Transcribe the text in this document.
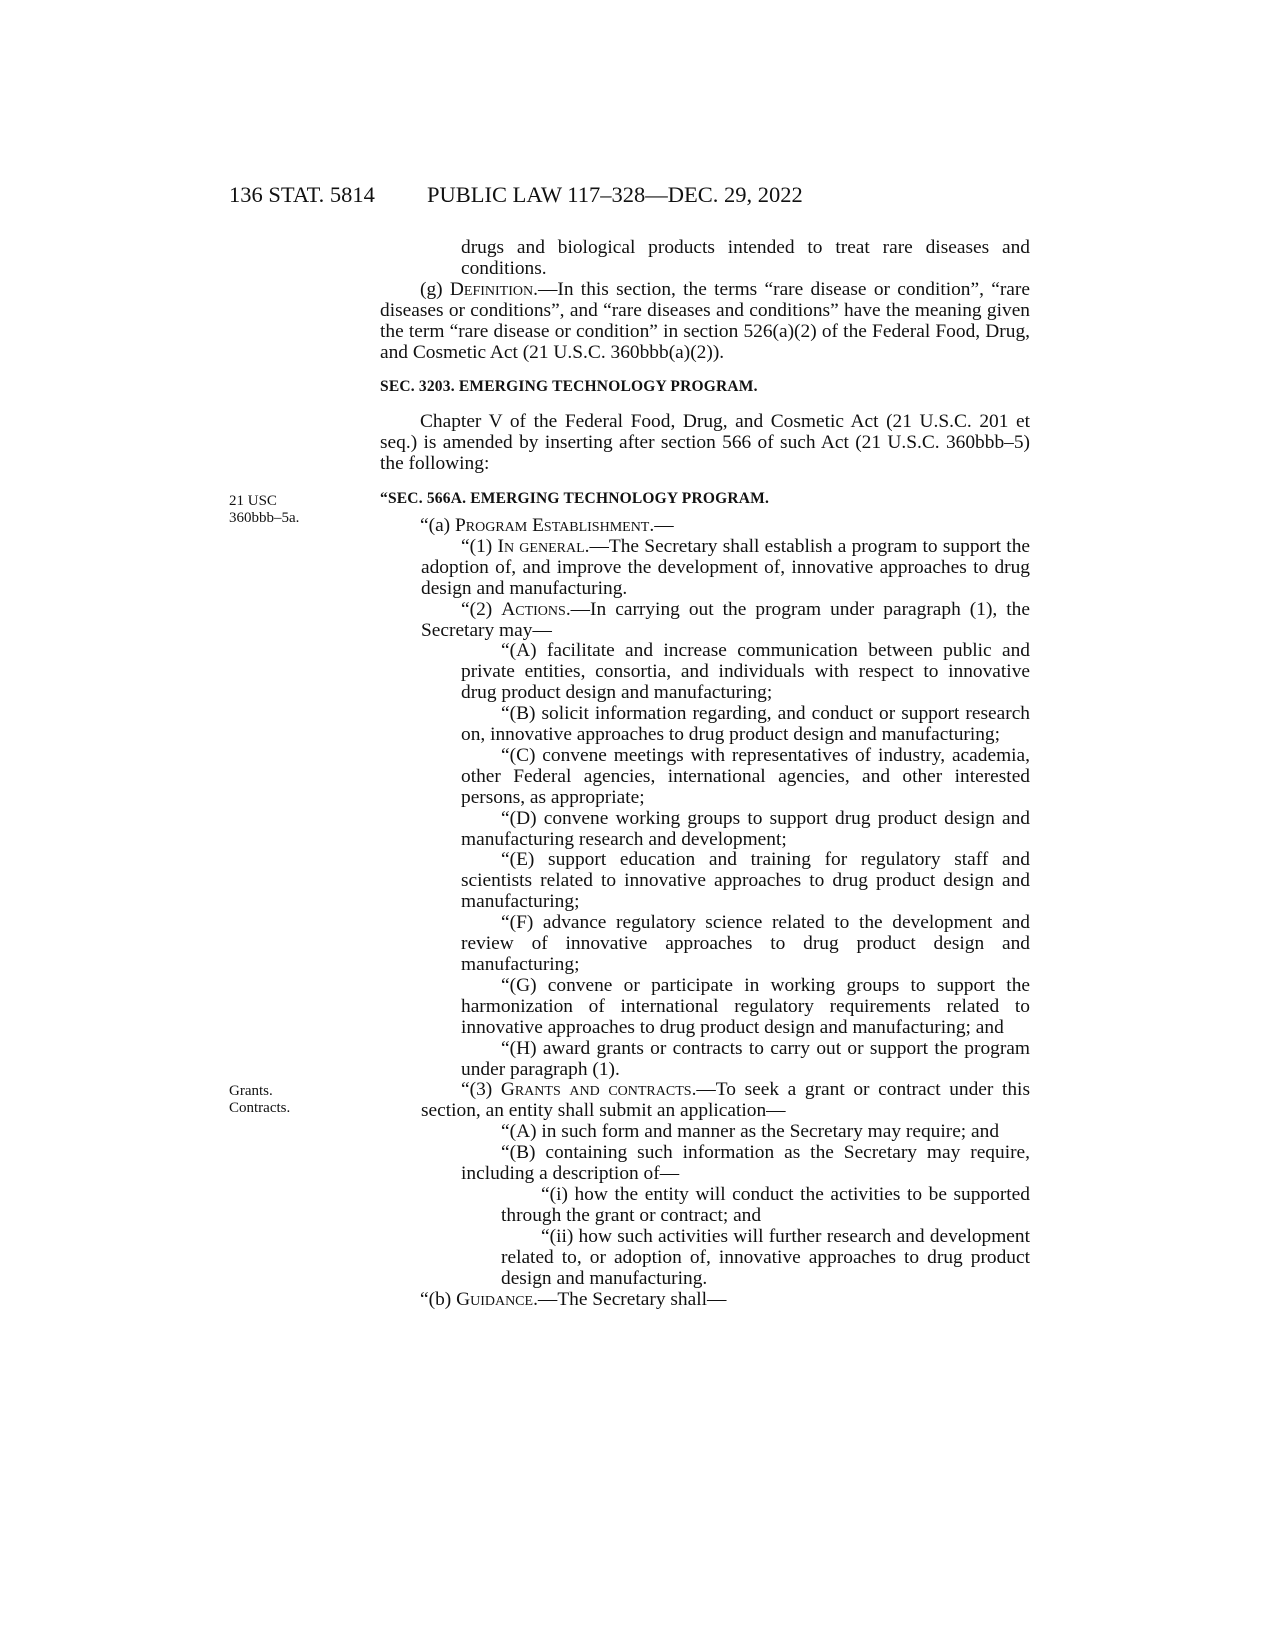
136 STAT. 5814 PUBLIC LAW 117–328—DEC. 29, 2022
21 USC
360bbb–5a.
Grants.
Contracts.

drugs and biological products intended to treat rare diseases and conditions.

(g) Definition.—In this section, the terms “rare disease or condition”, “rare diseases or conditions”, and “rare diseases and conditions” have the meaning given the term “rare disease or condition” in section 526(a)(2) of the Federal Food, Drug, and Cosmetic Act (21 U.S.C. 360bbb(a)(2)).

SEC. 3203. EMERGING TECHNOLOGY PROGRAM.

Chapter V of the Federal Food, Drug, and Cosmetic Act (21 U.S.C. 201 et seq.) is amended by inserting after section 566 of such Act (21 U.S.C. 360bbb–5) the following:

“SEC. 566A. EMERGING TECHNOLOGY PROGRAM.

“(a) Program Establishment.—

“(1) In general.—The Secretary shall establish a program to support the adoption of, and improve the development of, innovative approaches to drug design and manufacturing.

“(2) Actions.—In carrying out the program under paragraph (1), the Secretary may—

“(A) facilitate and increase communication between public and private entities, consortia, and individuals with respect to innovative drug product design and manufacturing;

“(B) solicit information regarding, and conduct or support research on, innovative approaches to drug product design and manufacturing;

“(C) convene meetings with representatives of industry, academia, other Federal agencies, international agencies, and other interested persons, as appropriate;

“(D) convene working groups to support drug product design and manufacturing research and development;

“(E) support education and training for regulatory staff and scientists related to innovative approaches to drug product design and manufacturing;

“(F) advance regulatory science related to the development and review of innovative approaches to drug product design and manufacturing;

“(G) convene or participate in working groups to support the harmonization of international regulatory requirements related to innovative approaches to drug product design and manufacturing; and

“(H) award grants or contracts to carry out or support the program under paragraph (1).

“(3) Grants and contracts.—To seek a grant or contract under this section, an entity shall submit an application—

“(A) in such form and manner as the Secretary may require; and

“(B) containing such information as the Secretary may require, including a description of—

“(i) how the entity will conduct the activities to be supported through the grant or contract; and

“(ii) how such activities will further research and development related to, or adoption of, innovative approaches to drug product design and manufacturing.

“(b) Guidance.—The Secretary shall—
